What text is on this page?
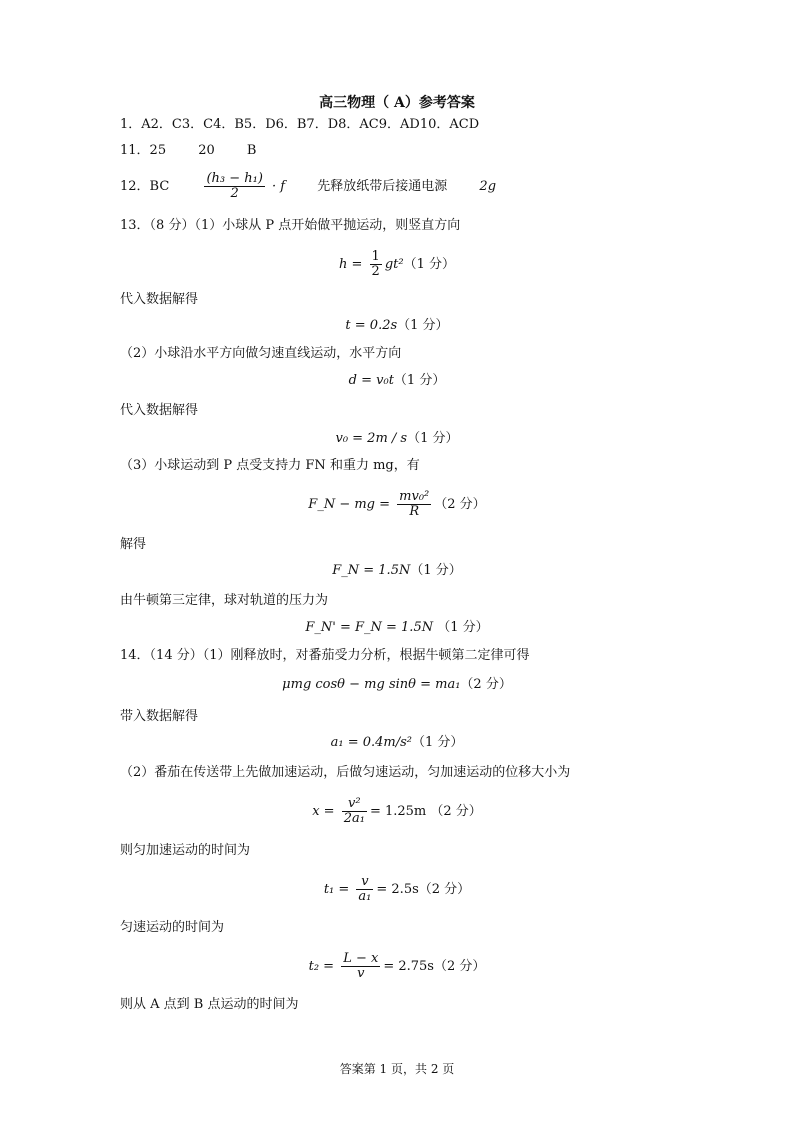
高三物理（ A）参考答案
1．A2．C3．C4．B5．D6．B7．D8．AC9．AD10．ACD
11．25 20 B
12．BC	$\frac{\text{(h₃ − h₁)}}{2} \cdot f$ 先释放纸带后接通电源 2g
13．（8 分）（1）小球从 P 点开始做平抛运动，则竖直方向
$h = \frac{1}{2} gt^2(1$ 分）
代入数据解得
t = 0.2s（1 分）
（2）小球沿水平方向做匀速直线运动，水平方向
d = v₀t（1 分）
代入数据解得
v₀ = 2m / s（1 分）
（3）小球运动到 P 点受支持力 FN 和重力 mg，有
F_N − mg = $\frac{\text{mv₀²}}{R} (2$ 分）
解得
F_N = 1.5N（1 分）
由牛顿第三定律，球对轨道的压力为
F_N' = F_N = 1.5N （1 分）
14．（14 分）（1）刚释放时，对番茄受力分析，根据牛顿第二定律可得
μmg cosθ − mg sinθ = ma₁（2 分）
带入数据解得
a₁ = 0.4m/s²（1 分）
（2）番茄在传送带上先做加速运动，后做匀速运动，匀加速运动的位移大小为
$x = \frac{\text{v²}}{\text{2a₁}} = 1.25m$ （2 分）
则匀加速运动的时间为
$t_1 = \frac{v}{\text{a₁}} = 2.5s(2$ 分）
匀速运动的时间为
$t_2 = \frac{L - x}{v} = 2.75s(2$ 分）
则从 A 点到 B 点运动的时间为
答案第 1 页，共 2 页
